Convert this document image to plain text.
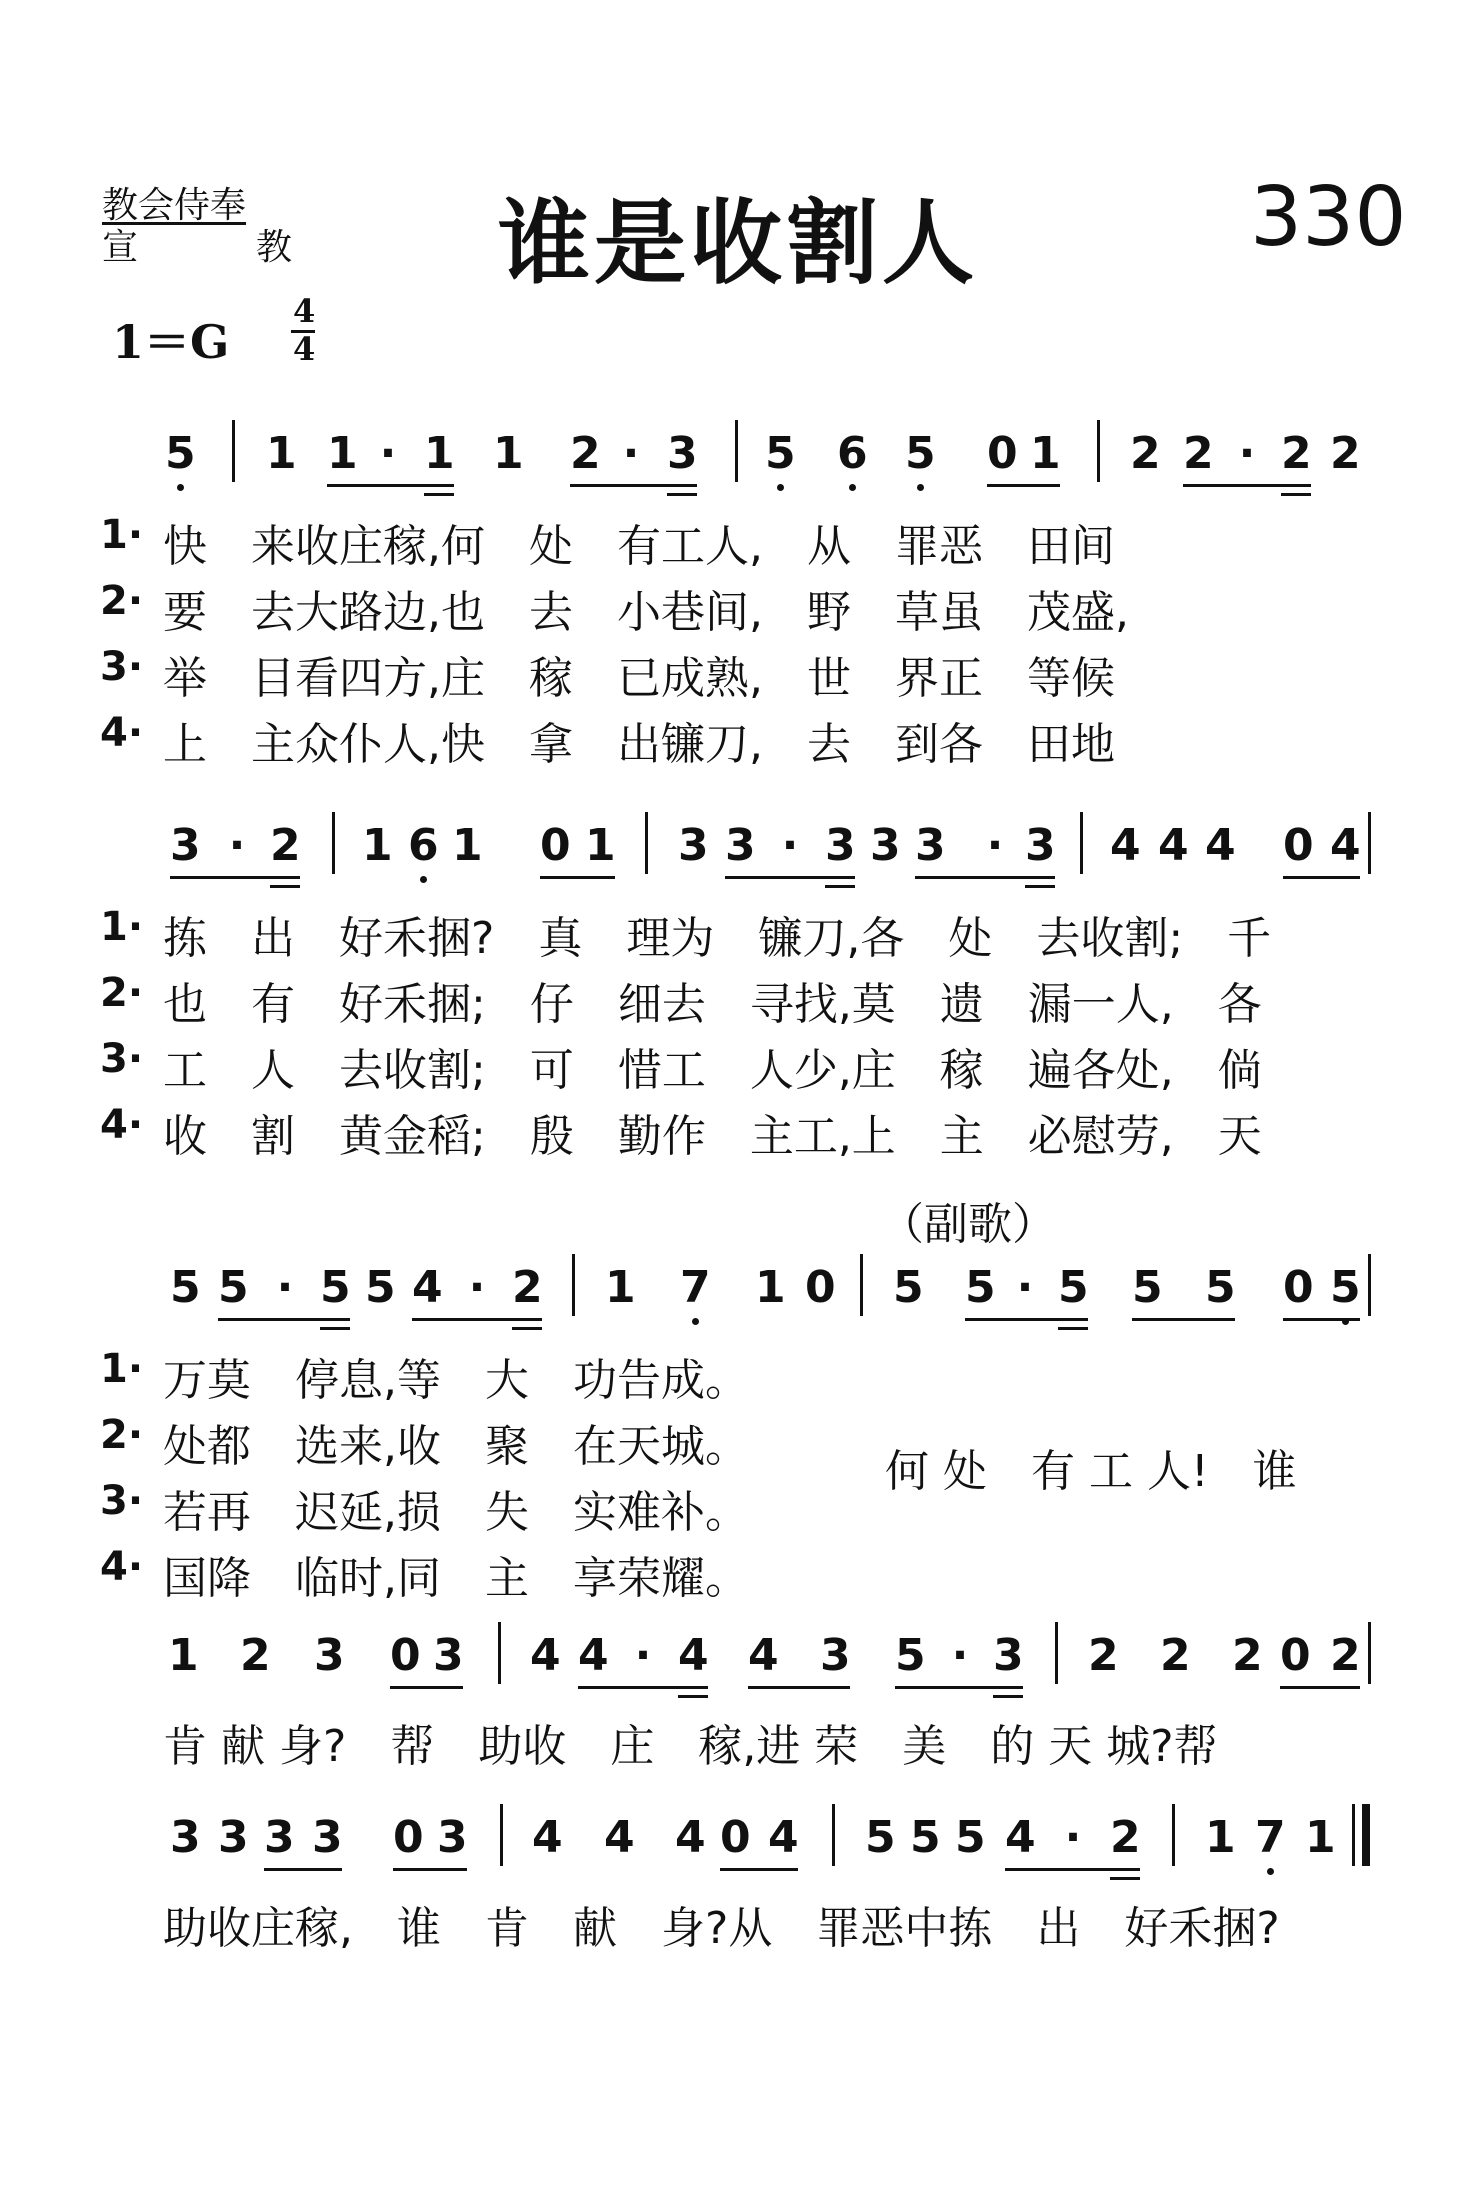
教会侍奉
宣	教	谁是收割人	330
1＝G
4
4
5 1 1 · 1 1 2 · 3 5 6 5 0 1 2 2 · 2 2
1· 快　来收庄稼,何　处　有工人,　从　罪恶　田间
2· 要　去大路边,也　去　小巷间,　野　草虽　茂盛,
3· 举　目看四方,庄　稼　已成熟,　世　界正　等候
4· 上　主众仆人,快　拿　出镰刀,　去　到各　田地
3 · 2 1 6 1 0 1 3 3 · 3 3 3 · 3 4 4 4 0 4
1· 拣　出　好禾捆?　真　理为　镰刀,各　处　去收割;　千
2· 也　有　好禾捆;　仔　细去　寻找,莫　遗　漏一人,　各
3· 工　人　去收割;　可　惜工　人少,庄　稼　遍各处,　倘
4· 收　割　黄金稻;　殷　勤作　主工,上　主　必慰劳,　天
（副歌）
5 5 · 5 5 4 · 2 1 7 1 0 5 5 · 5 5 5 0 5
1· 万莫　停息,等　大　功告成。
2· 处都　选来,收　聚　在天城。
3· 若再　迟延,损　失　实难补。
4· 国降　临时,同　主　享荣耀。
何 处　有 工 人!　谁
1 2 3 0 3 4 4 · 4 4 3 5 · 3 2 2 2 0 2
肯 献 身?　帮　助收　庄　稼,进 荣　美　的 天 城?帮
3 3 3 3 0 3 4 4 4 0 4 5 5 5 4 · 2 1 7 1
助收庄稼,　谁　肯　献　身?从　罪恶中拣　出　好禾捆?
